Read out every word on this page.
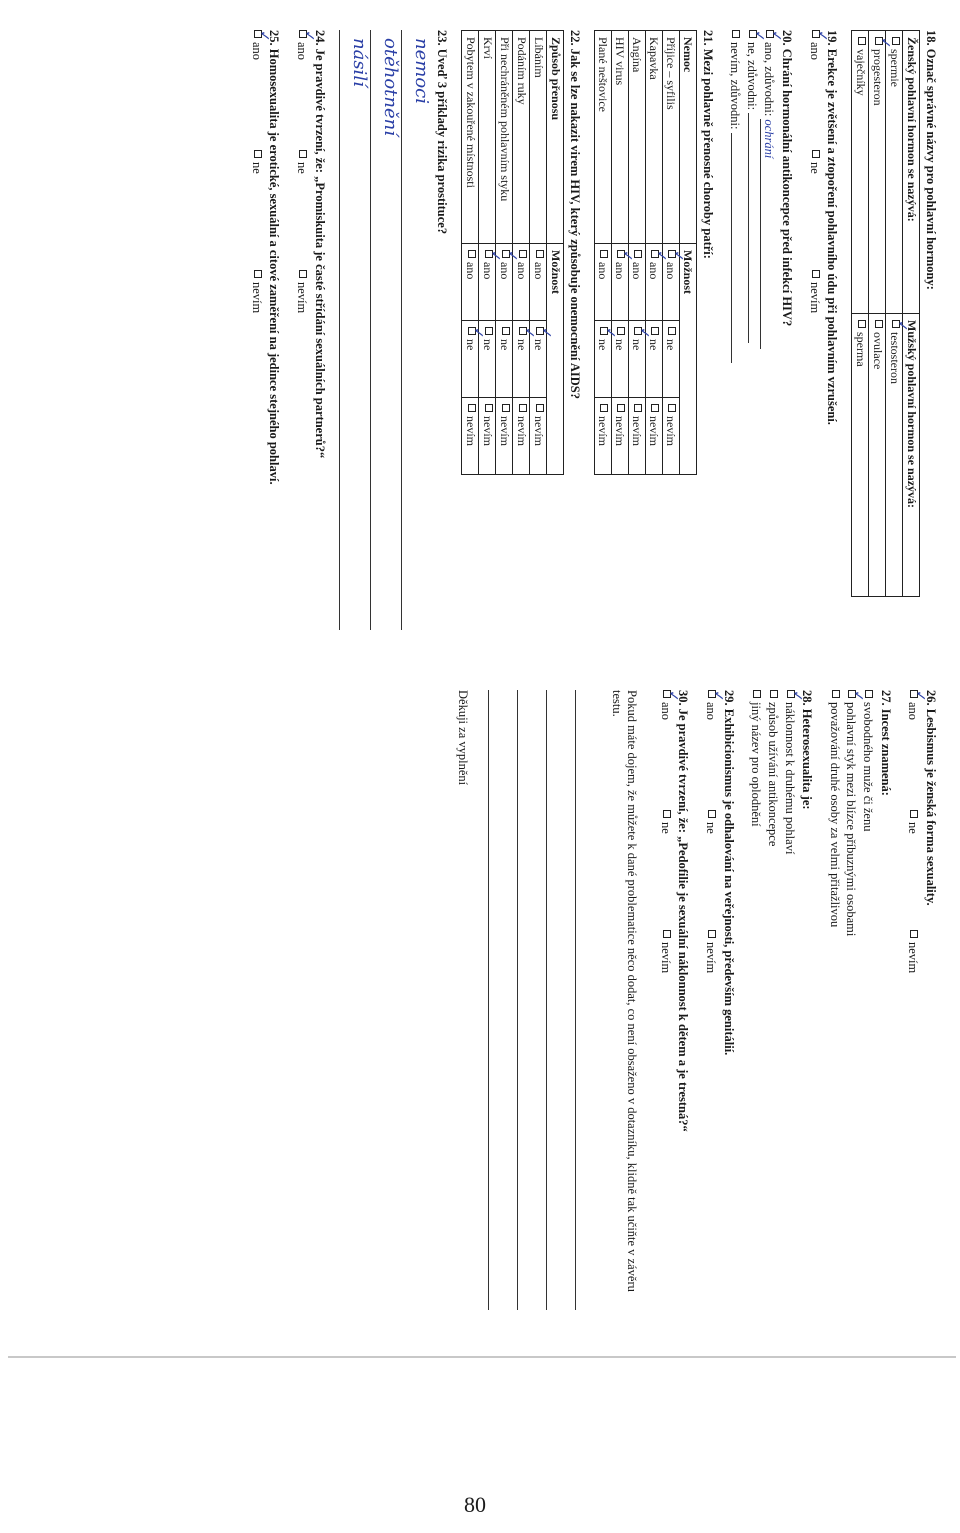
18. Označ správné názvy pro pohlavní hormony:
Ženský pohlavní hormon se nazývá:	Mužský pohlavní hormon se nazývá:
spermie	✓testosteron
✓progesteron	ovulace
vaječníky	sperma
19. Erekce je zvětšení a ztopoření pohlavního údu při pohlavním vzrušení.
✓ano
ne
nevím
20. Chrání hormonální antikoncepce před infekcí HIV?
✓ano, zdůvodni: ochrání
✓ne, zdůvodni:
nevím, zdůvodni:
21. Mezi pohlavně přenosné choroby patří:
Nemoc	Možnost		
Příjice – syfilis	✓ano	ne	nevím
Kapavka	✓ano	ne	nevím
Angína	ano	✓ne	nevím
HIV virus	✓ano	ne	nevím
Plané neštovice	ano	✓ne	nevím
22. Jak se lze nakazit virem HIV, který způsobuje onemocnění AIDS?
Způsob přenosu	Možnost		
Líbáním	ano	✓ne	nevím
Podáním ruky	ano	✓ne	nevím
Při nechráněném pohlavním styku	✓ano	ne	nevím
Krví	✓ano	ne	nevím
Pobytem v zakouřené místnosti	ano	✓ne	nevím
23. Uveď 3 příklady rizika prostituce?
nemoci
otěhotnění
násilí
24. Je pravdivé tvrzení, že: „Promiskuita je časté střídání sexuálních partnerů?“
✓ano
ne
nevím
25. Homosexualita je erotické, sexuální a citové zaměření na jedince stejného pohlaví.
✓ano
ne
nevím
26. Lesbismus je ženská forma sexuality.
✓ano
ne
nevím
27. Incest znamená:
svobodného muže či ženu
✓pohlavní styk mezi blízce příbuznými osobami
považování druhé osoby za velmi přitažlivou
28. Heterosexualita je:
✓náklonnost k druhému pohlaví
způsob užívání antikoncepce
jiný název pro oplodnění
29. Exhibicionismus je odhalování na veřejnosti, především genitálií.
✓ano
ne
nevím
30. Je pravdivé tvrzení, že: „Pedofilie je sexuální náklonnost k dětem a je trestná?“
✓ano
ne
nevím
Pokud máte dojem, že můžete k dané problematice něco dodat, co není obsaženo v dotazníku, klidně tak učiňte v závěru testu.
Děkuji za vyplnění
80
